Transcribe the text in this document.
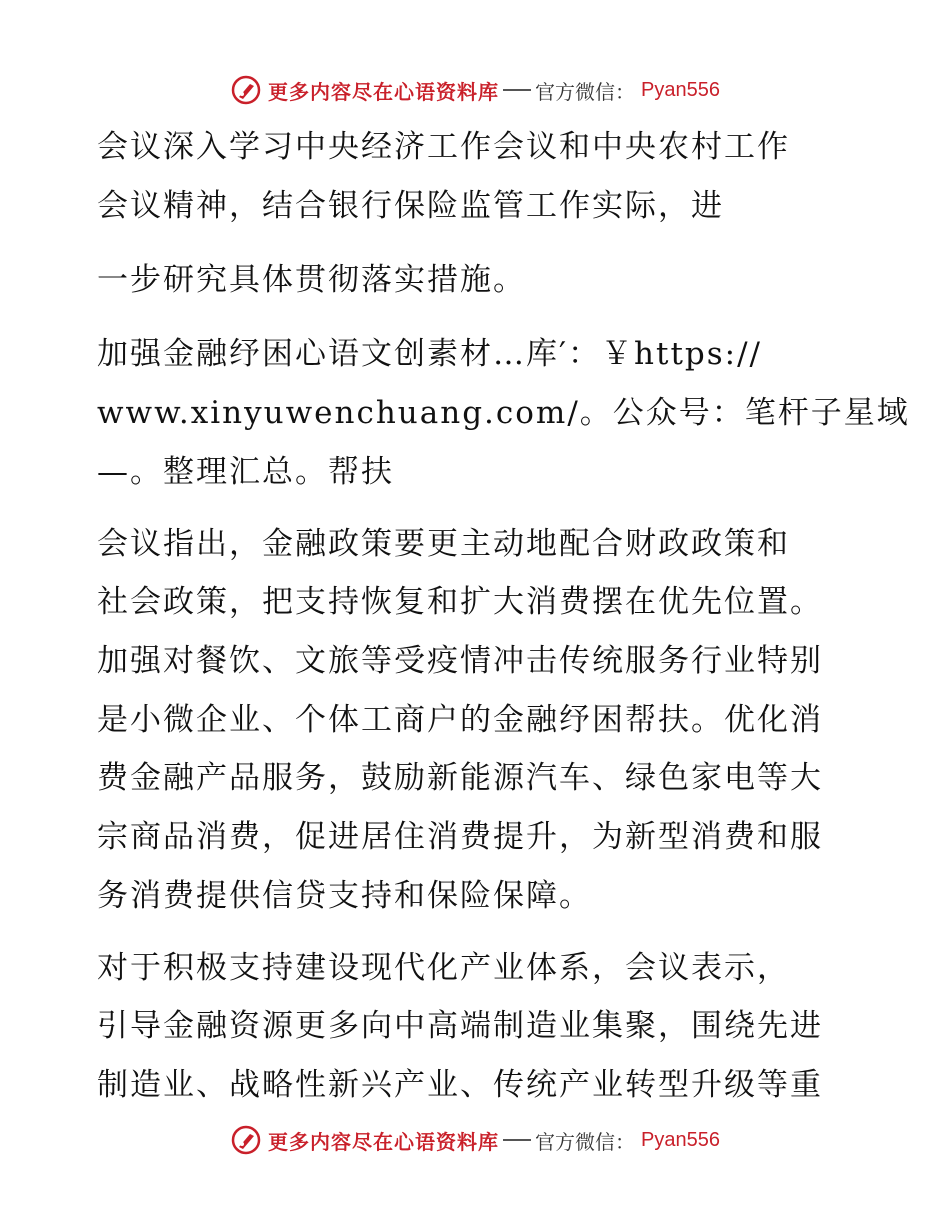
更多内容尽在心语资料库 官方微信： Pyan556
会议深入学习中央经济工作会议和中央农村工作
会议精神，结合银行保险监管工作实际，进
一步研究具体贯彻落实措施。
加强金融纾困心语文创素材…库′：￥https://
www.xinyuwenchuang.com/。公众号：笔杆子星域
—。整理汇总。帮扶
会议指出，金融政策要更主动地配合财政政策和
社会政策，把支持恢复和扩大消费摆在优先位置。
加强对餐饮、文旅等受疫情冲击传统服务行业特别
是小微企业、个体工商户的金融纾困帮扶。优化消
费金融产品服务，鼓励新能源汽车、绿色家电等大
宗商品消费，促进居住消费提升，为新型消费和服
务消费提供信贷支持和保险保障。
对于积极支持建设现代化产业体系，会议表示，
引导金融资源更多向中高端制造业集聚，围绕先进
制造业、战略性新兴产业、传统产业转型升级等重
更多内容尽在心语资料库 官方微信： Pyan556
